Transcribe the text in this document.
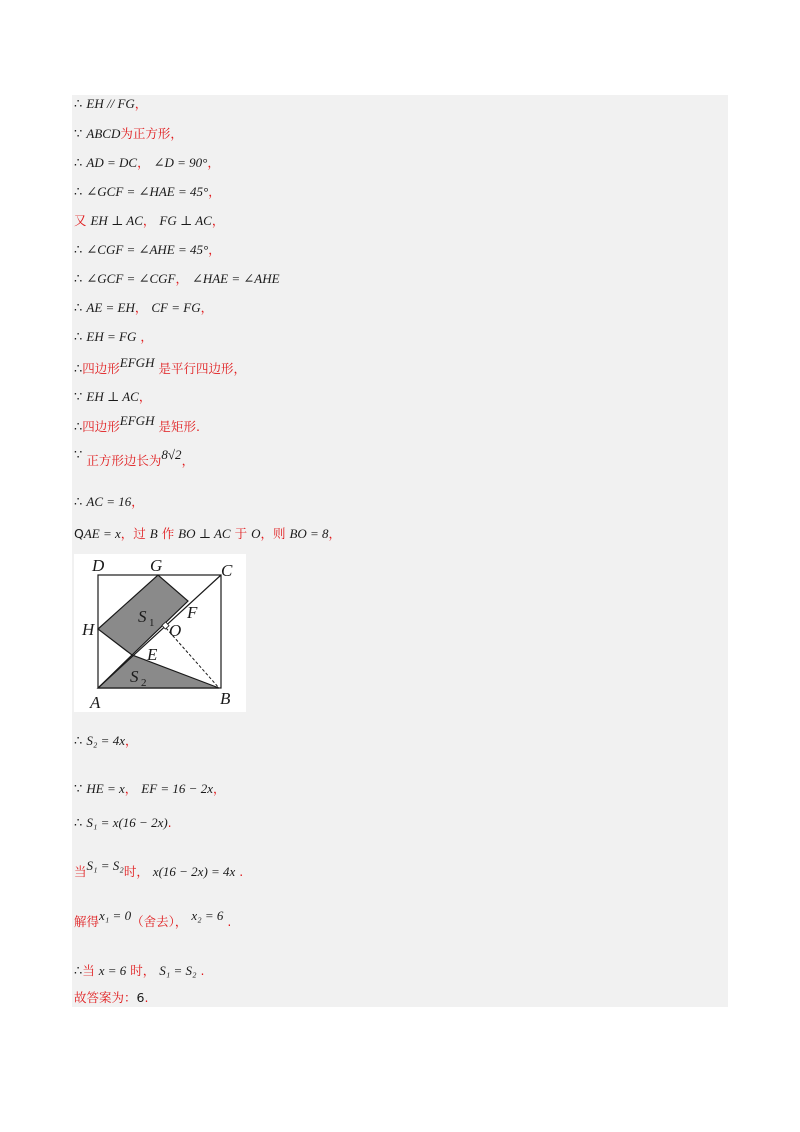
∴ EH // FG，
∵ ABCD为正方形，
∴ AD = DC， ∠D = 90°，
∴ ∠GCF = ∠HAE = 45°，
又 EH ⊥ AC， FG ⊥ AC，
∴ ∠CGF = ∠AHE = 45°，
∴ ∠GCF = ∠CGF， ∠HAE = ∠AHE
∴ AE = EH， CF = FG，
∴ EH = FG ，
∴四边形EFGH 是平行四边形，
∵ EH ⊥ AC，
∴四边形EFGH 是矩形.
∵ 正方形边长为8√2，
∴ AC = 16，
QAE = x，过 B 作 BO ⊥ AC 于 O，则 BO = 8，
∴ S₂ = 4x，
∵ HE = x， EF = 16 − 2x，
∴ S₁ = x(16 − 2x).
当S₁ = S₂时， x(16 − 2x) = 4x .
解得x₁ = 0（舍去）， x₂ = 6 .
∴当 x = 6 时， S₁ = S₂ .
故答案为：6.
D	G	C
H
F
O
E
A	B
S 1
S 2
